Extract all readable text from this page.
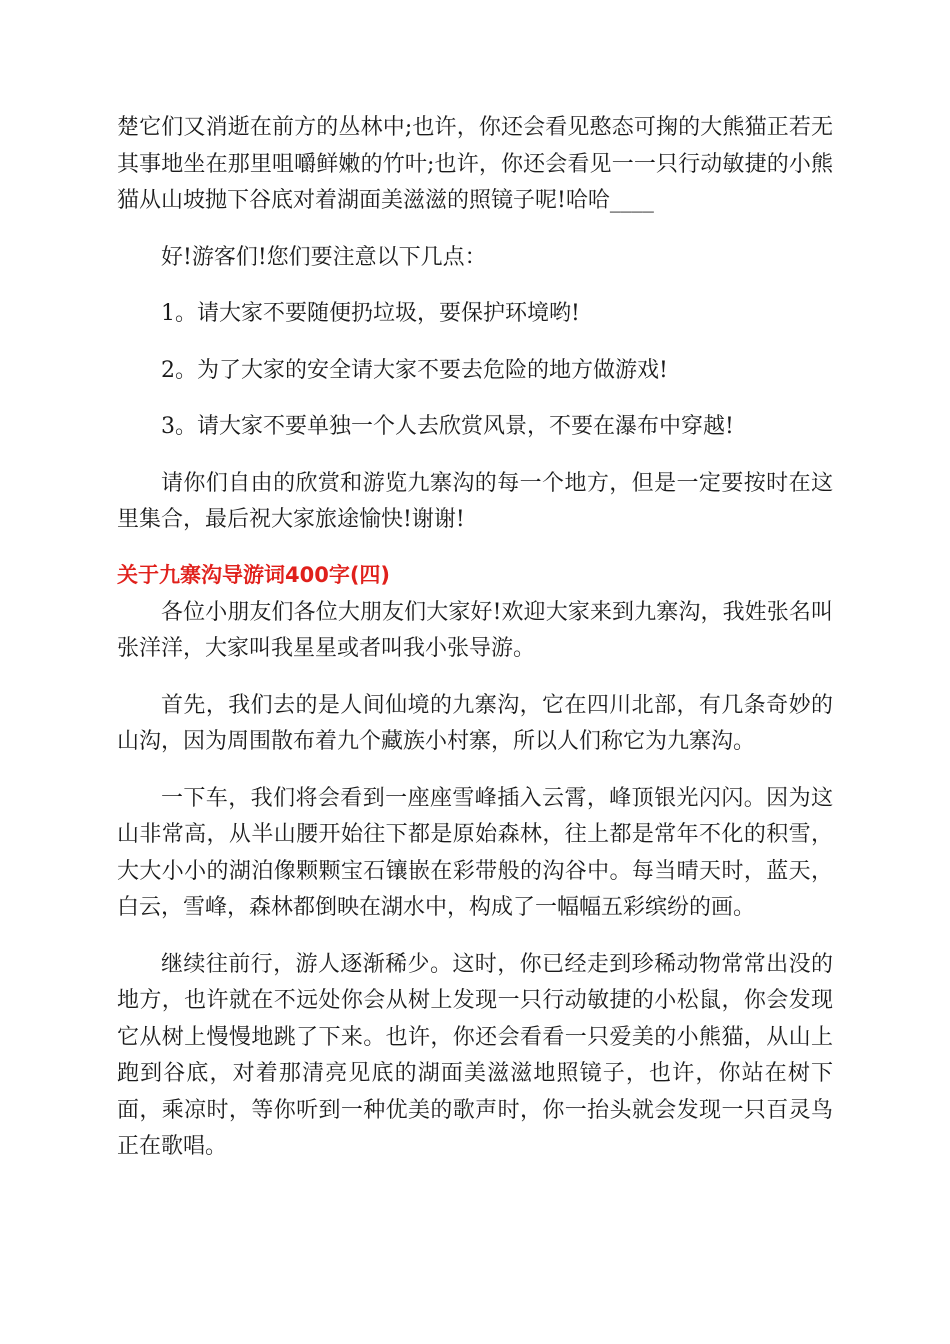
楚它们又消逝在前方的丛林中;也许，你还会看见憨态可掬的大熊猫正若无其事地坐在那里咀嚼鲜嫩的竹叶;也许，你还会看见一一只行动敏捷的小熊猫从山坡抛下谷底对着湖面美滋滋的照镜子呢!哈哈____

好!游客们!您们要注意以下几点：

1。请大家不要随便扔垃圾，要保护环境哟!

2。为了大家的安全请大家不要去危险的地方做游戏!

3。请大家不要单独一个人去欣赏风景，不要在瀑布中穿越!

请你们自由的欣赏和游览九寨沟的每一个地方，但是一定要按时在这里集合，最后祝大家旅途愉快!谢谢!

关于九寨沟导游词400字(四)

各位小朋友们各位大朋友们大家好!欢迎大家来到九寨沟，我姓张名叫张洋洋，大家叫我星星或者叫我小张导游。

首先，我们去的是人间仙境的九寨沟，它在四川北部，有几条奇妙的山沟，因为周围散布着九个藏族小村寨，所以人们称它为九寨沟。

一下车，我们将会看到一座座雪峰插入云霄，峰顶银光闪闪。因为这山非常高，从半山腰开始往下都是原始森林，往上都是常年不化的积雪，大大小小的湖泊像颗颗宝石镶嵌在彩带般的沟谷中。每当晴天时，蓝天，白云，雪峰，森林都倒映在湖水中，构成了一幅幅五彩缤纷的画。

继续往前行，游人逐渐稀少。这时，你已经走到珍稀动物常常出没的地方，也许就在不远处你会从树上发现一只行动敏捷的小松鼠，你会发现它从树上慢慢地跳了下来。也许，你还会看看一只爱美的小熊猫，从山上跑到谷底，对着那清亮见底的湖面美滋滋地照镜子，也许，你站在树下面，乘凉时，等你听到一种优美的歌声时，你一抬头就会发现一只百灵鸟正在歌唱。
